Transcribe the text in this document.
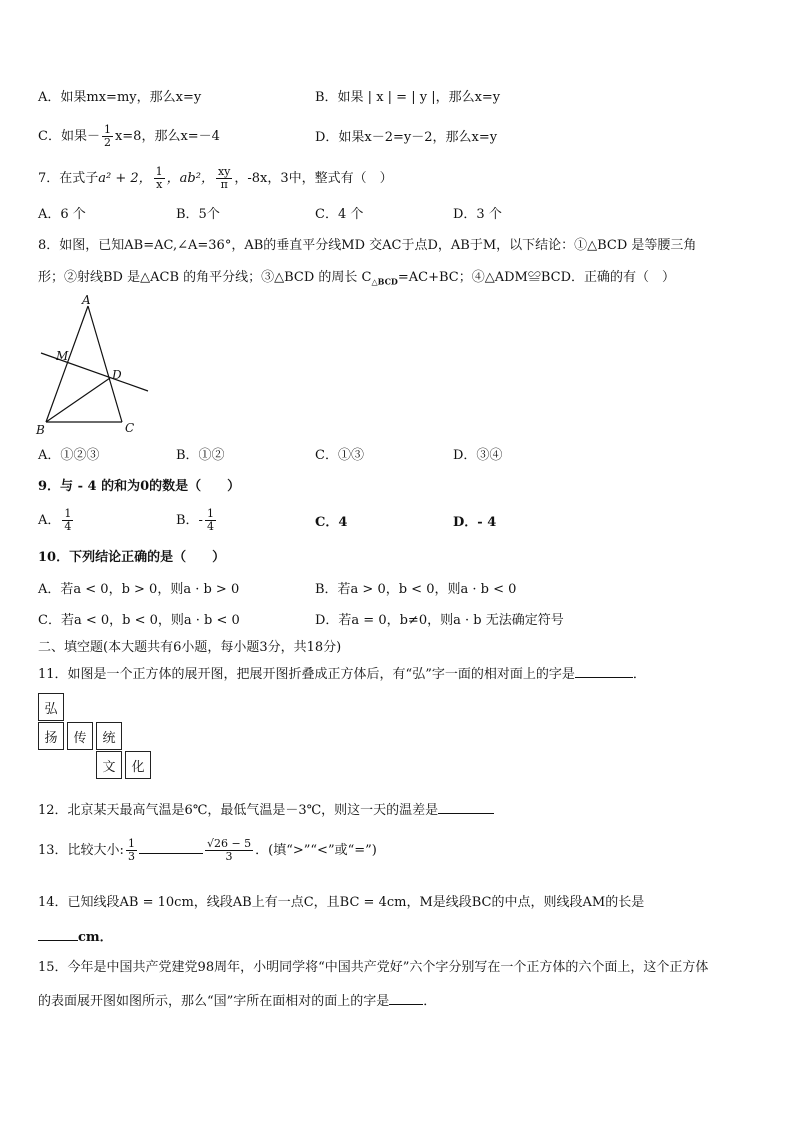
A．如果mx=my，那么x=y	B．如果 | x | = | y |，那么x=y
C．如果－ $\frac{1}{2} x=8$，那么x=－4	D．如果x－2=y－2，那么x=y
7．在式子a² + 2， $\frac{1}{x}$ ，ab²， $\frac{xy}{\pi}$ ，-8x，3中，整式有（　）
A．6 个	B．5个	C．4 个	D．3 个
8．如图，已知AB=AC,∠A=36°，AB的垂直平分线MD 交AC于点D，AB于M，以下结论：①△BCD 是等腰三角
形；②射线BD 是△ACB 的角平分线；③△BCD 的周长 $C_{\triangle BCD}=AC+BC$；④△ADM≌BCD．正确的有（　）
A
M
D
B	C
A．①②③	B．①②	C．①③	D．③④
9．与 - 4 的和为0的数是（　　）
A． $\frac{1}{4}$	B．- $\frac{1}{4}$	C．4	D．- 4
10．下列结论正确的是（　　）
A．若a < 0，b > 0，则a · b > 0	B．若a > 0，b < 0，则a · b < 0
C．若a < 0，b < 0，则a · b < 0	D．若a = 0，b≠0，则a · b 无法确定符号
二、填空题(本大题共有6小题，每小题3分，共18分)
11．如图是一个正方体的展开图，把展开图折叠成正方体后，有“弘”字一面的相对面上的字是	．
弘
扬	传	统
文	化
12．北京某天最高气温是6℃，最低气温是－3℃，则这一天的温差是
13．比较大小: $\frac{1}{3}$	$\frac{√26 - 5}{3}$ ．(填“>”“<”或“=”)
14．已知线段AB = 10cm，线段AB上有一点C，且BC = 4cm，M是线段BC的中点，则线段AM的长是
cm．
15．今年是中国共产党建党98周年，小明同学将“中国共产党好”六个字分别写在一个正方体的六个面上，这个正方体
的表面展开图如图所示，那么“国”字所在面相对的面上的字是	．
